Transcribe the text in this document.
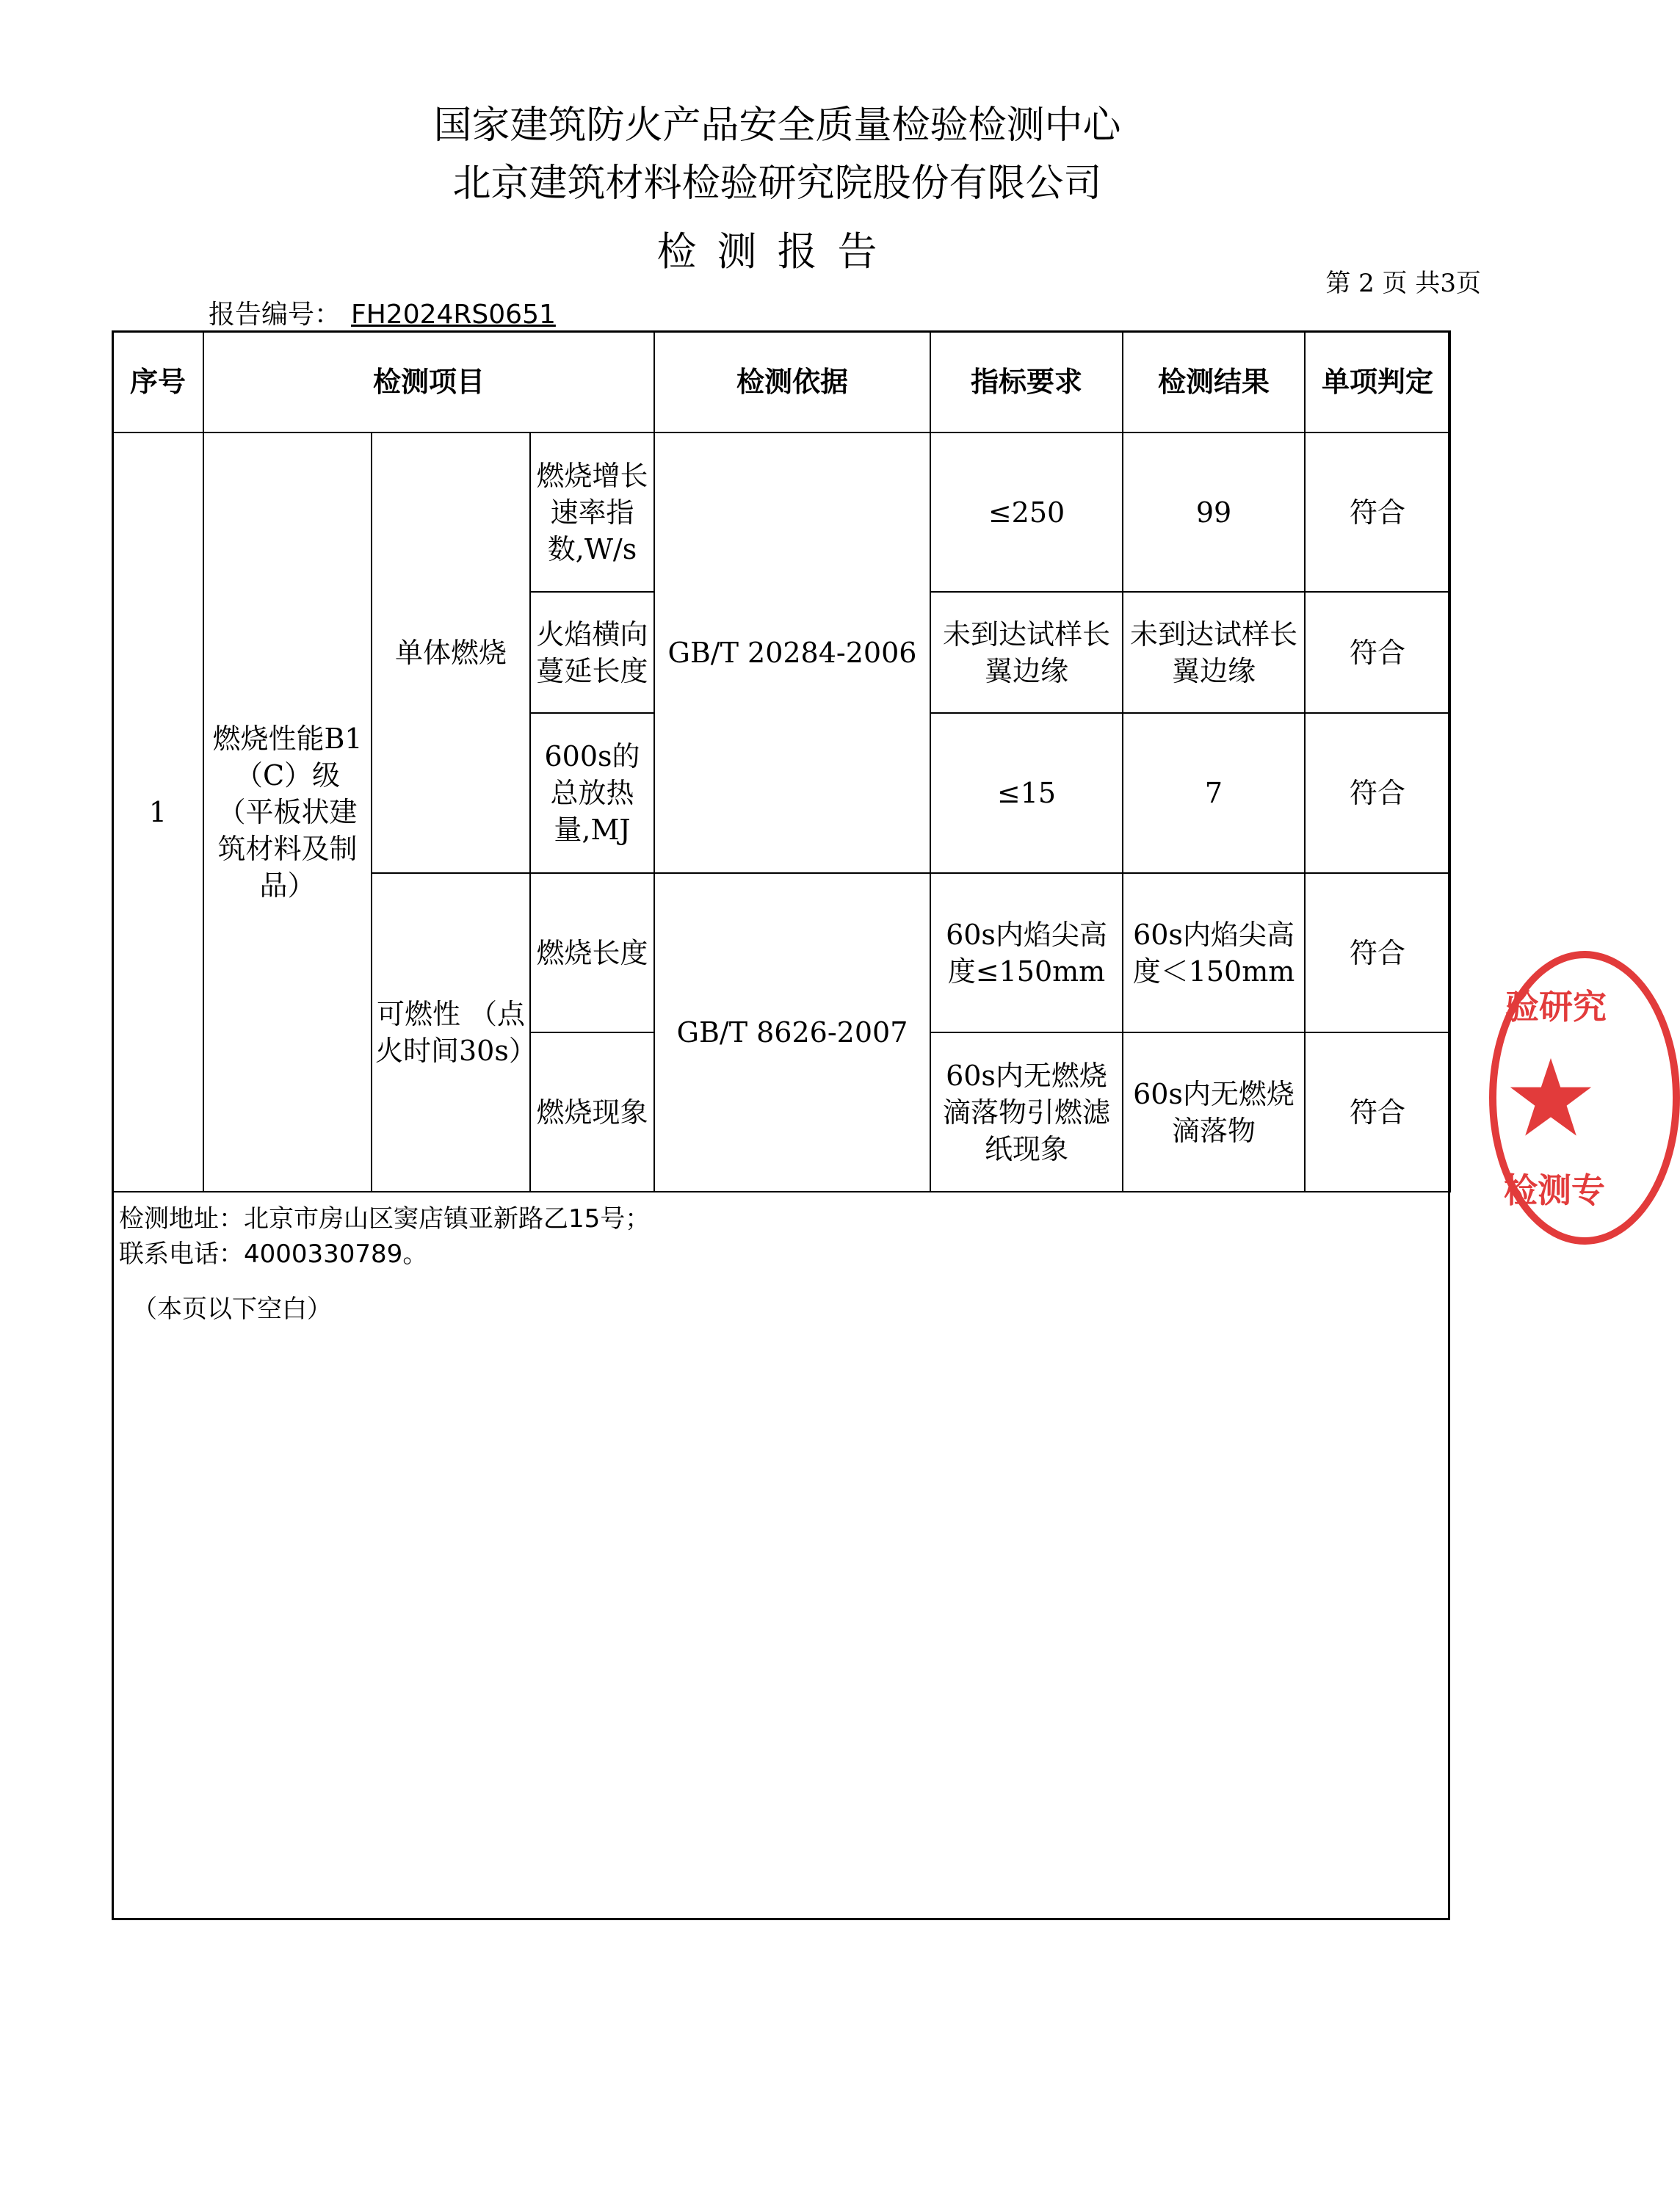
国家建筑防火产品安全质量检验检测中心
北京建筑材料检验研究院股份有限公司
检测报告
第 2 页 共3页
报告编号： FH2024RS0651
序号	检测项目			检测依据	指标要求	检测结果	单项判定
1	燃烧性能B1（C）级（平板状建筑材料及制品）	单体燃烧	燃烧增长速率指数,W/s	GB/T 20284-2006	≤250	99	符合
			火焰横向蔓延长度		未到达试样长翼边缘	未到达试样长翼边缘	符合
			600s的总放热量,MJ		≤15	7	符合
		可燃性 （点火时间30s）	燃烧长度	GB/T 8626-2007	60s内焰尖高度≤150mm	60s内焰尖高度＜150mm	符合
			燃烧现象		60s内无燃烧滴落物引燃滤纸现象	60s内无燃烧滴落物	符合
检测地址：北京市房山区窦店镇亚新路乙15号；
联系电话：4000330789。
（本页以下空白）
验研究
检测专
